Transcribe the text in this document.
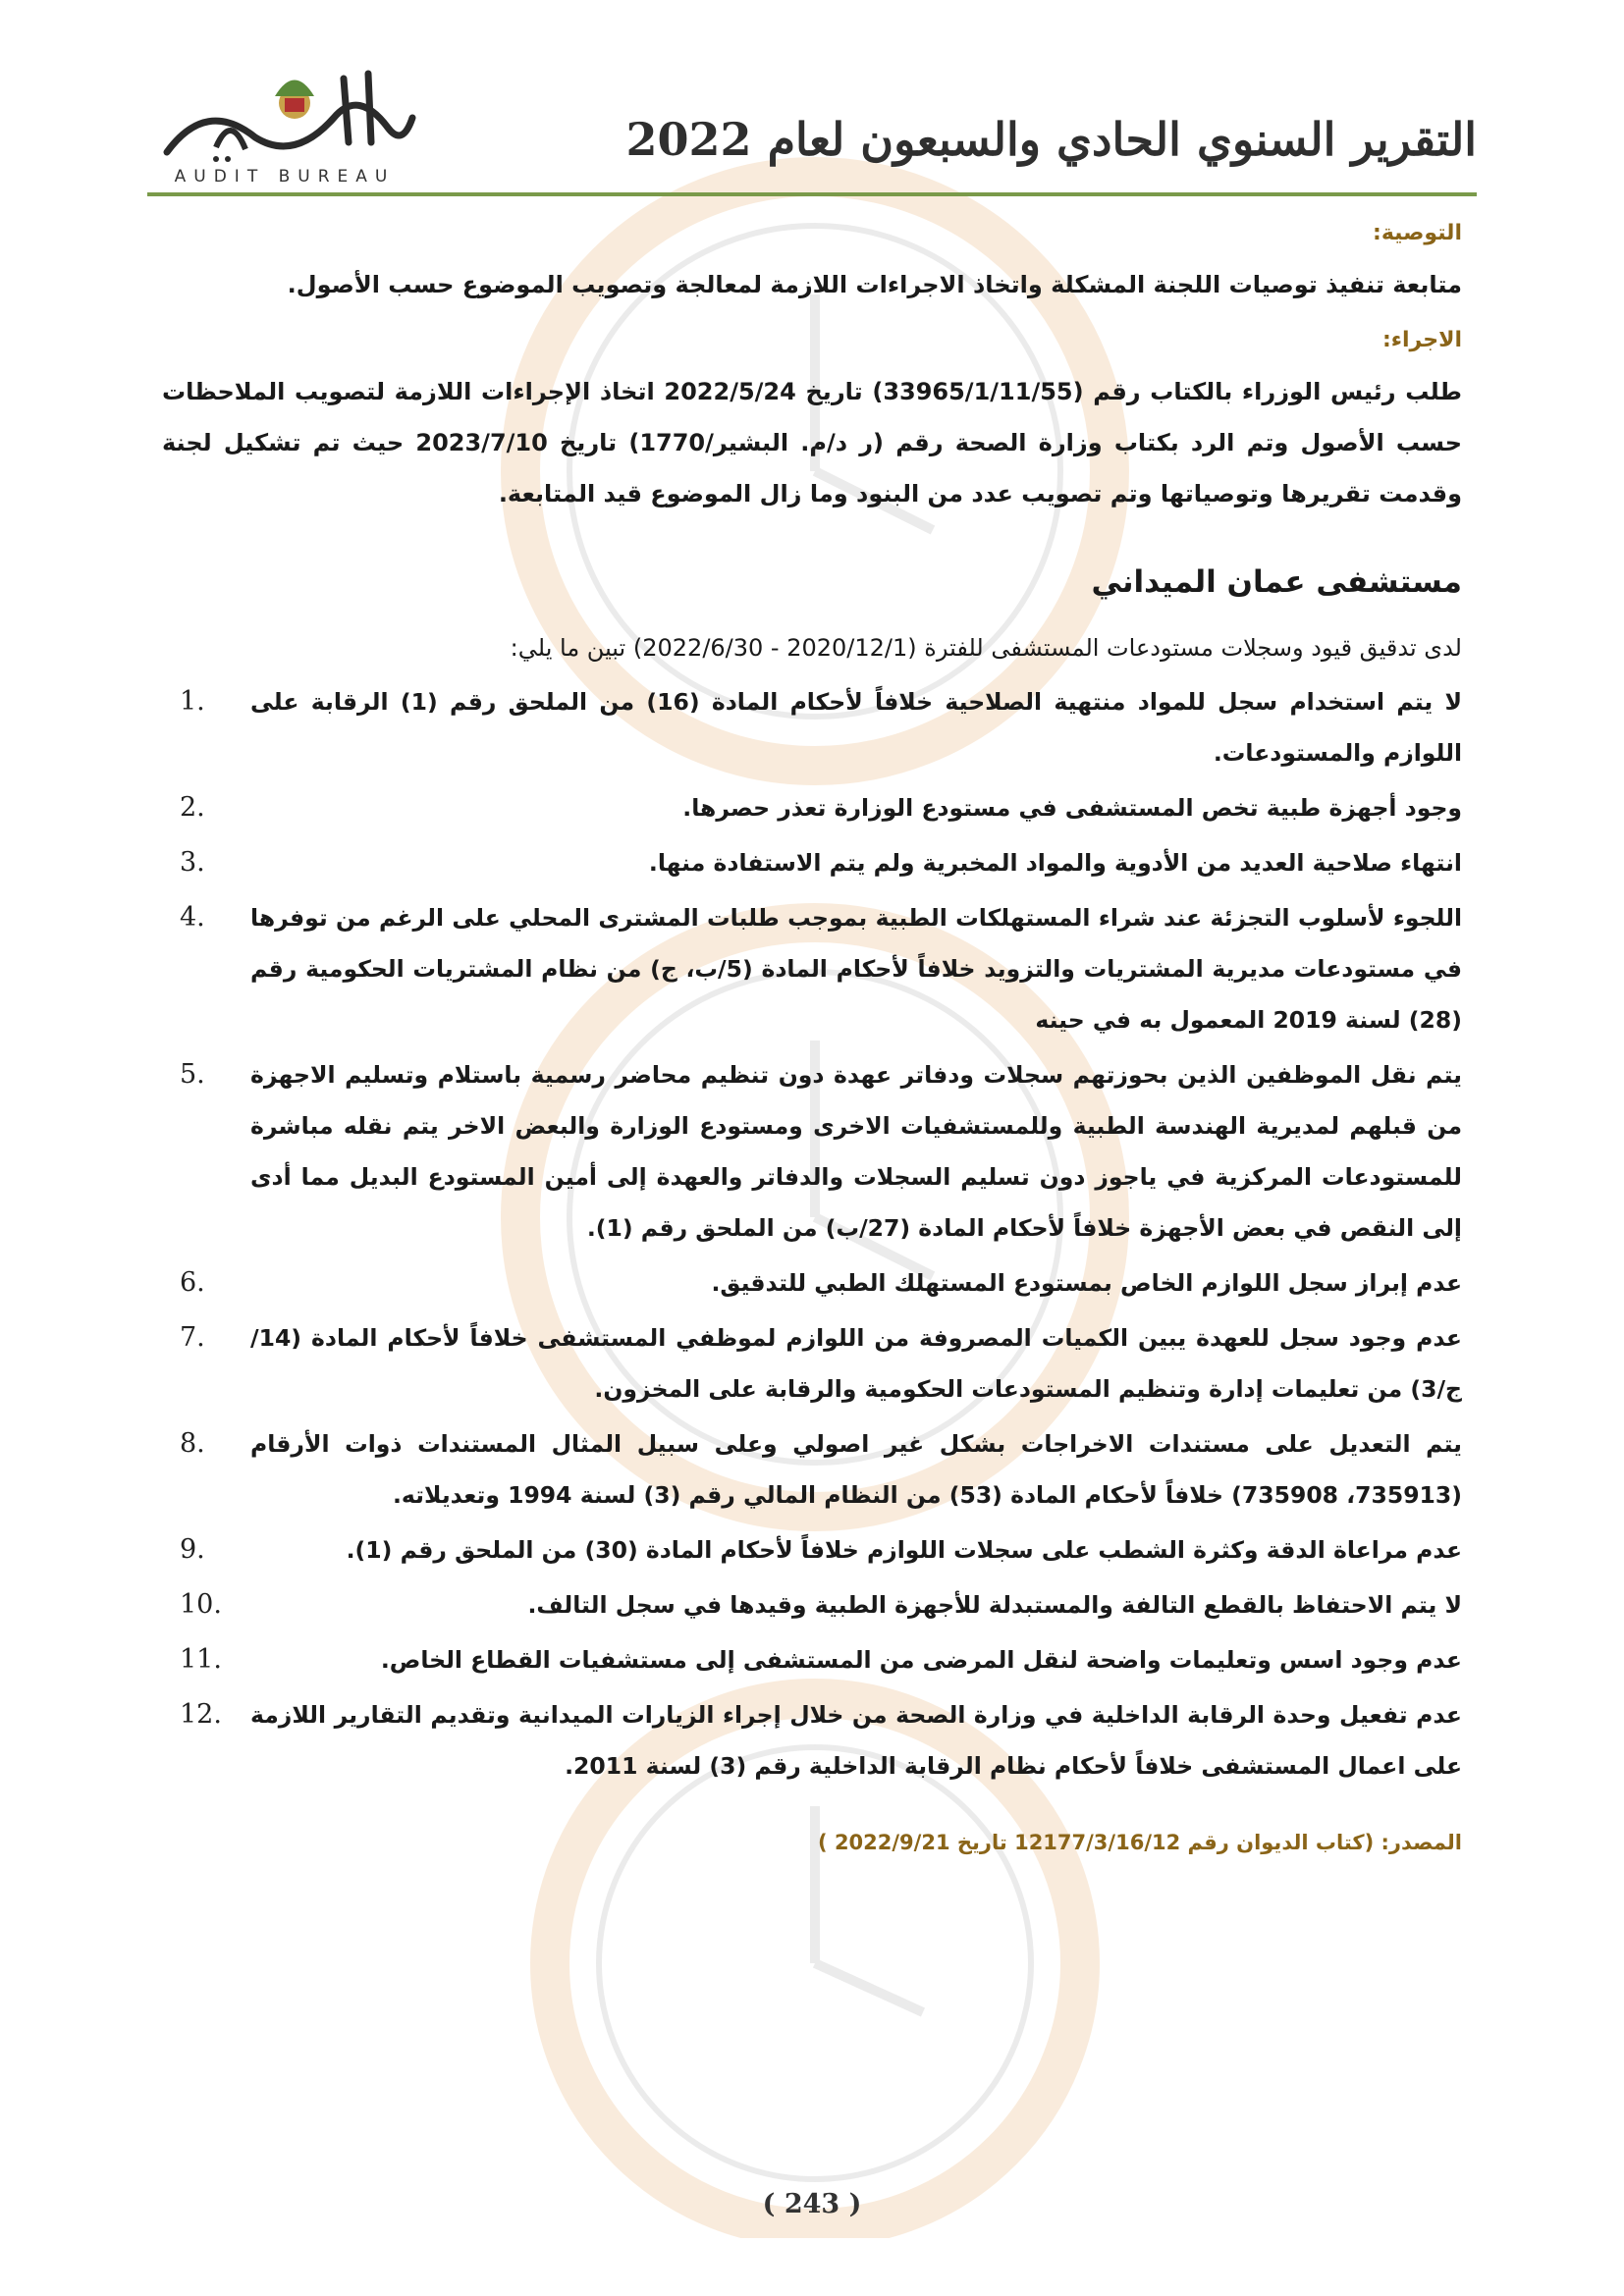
AUDIT BUREAU
التقرير السنوي الحادي والسبعون لعام 2022
التوصية:
متابعة تنفيذ توصيات اللجنة المشكلة واتخاذ الاجراءات اللازمة لمعالجة وتصويب الموضوع حسب الأصول.
الاجراء:
طلب رئيس الوزراء بالكتاب رقم (33965/1/11/55) تاريخ 2022/5/24 اتخاذ الإجراءات اللازمة لتصويب الملاحظات حسب الأصول وتم الرد بكتاب وزارة الصحة رقم (ر د/م. البشير/1770) تاريخ 2023/7/10 حيث تم تشكيل لجنة وقدمت تقريرها وتوصياتها وتم تصويب عدد من البنود وما زال الموضوع قيد المتابعة.
مستشفى عمان الميداني
لدى تدقيق قيود وسجلات مستودعات المستشفى للفترة (2020/12/1 - 2022/6/30) تبين ما يلي:
1. لا يتم استخدام سجل للمواد منتهية الصلاحية خلافاً لأحكام المادة (16) من الملحق رقم (1) الرقابة على اللوازم والمستودعات.
2.	وجود أجهزة طبية تخص المستشفى في مستودع الوزارة تعذر حصرها.
3.	انتهاء صلاحية العديد من الأدوية والمواد المخبرية ولم يتم الاستفادة منها.
4. اللجوء لأسلوب التجزئة عند شراء المستهلكات الطبية بموجب طلبات المشترى المحلي على الرغم من توفرها في مستودعات مديرية المشتريات والتزويد خلافاً لأحكام المادة (5/ب، ج) من نظام المشتريات الحكومية رقم (28) لسنة 2019 المعمول به في حينه
5. يتم نقل الموظفين الذين بحوزتهم سجلات ودفاتر عهدة دون تنظيم محاضر رسمية باستلام وتسليم الاجهزة من قبلهم لمديرية الهندسة الطبية وللمستشفيات الاخرى ومستودع الوزارة والبعض الاخر يتم نقله مباشرة للمستودعات المركزية في ياجوز دون تسليم السجلات والدفاتر والعهدة إلى أمين المستودع البديل مما أدى إلى النقص في بعض الأجهزة خلافاً لأحكام المادة (27/ب) من الملحق رقم (1).
6.	عدم إبراز سجل اللوازم الخاص بمستودع المستهلك الطبي للتدقيق.
7. عدم وجود سجل للعهدة يبين الكميات المصروفة من اللوازم لموظفي المستشفى خلافاً لأحكام المادة (14/ج/3) من تعليمات إدارة وتنظيم المستودعات الحكومية والرقابة على المخزون.
8. يتم التعديل على مستندات الاخراجات بشكل غير اصولي وعلى سبيل المثال المستندات ذوات الأرقام (735913، 735908) خلافاً لأحكام المادة (53) من النظام المالي رقم (3) لسنة 1994 وتعديلاته.
9.	عدم مراعاة الدقة وكثرة الشطب على سجلات اللوازم خلافاً لأحكام المادة (30) من الملحق رقم (1).
10.	لا يتم الاحتفاظ بالقطع التالفة والمستبدلة للأجهزة الطبية وقيدها في سجل التالف.
11.	عدم وجود اسس وتعليمات واضحة لنقل المرضى من المستشفى إلى مستشفيات القطاع الخاص.
12. عدم تفعيل وحدة الرقابة الداخلية في وزارة الصحة من خلال إجراء الزيارات الميدانية وتقديم التقارير اللازمة على اعمال المستشفى خلافاً لأحكام نظام الرقابة الداخلية رقم (3) لسنة 2011.
المصدر: (كتاب الديوان رقم 12177/3/16/12 تاريخ 2022/9/21 )
( 243 )
